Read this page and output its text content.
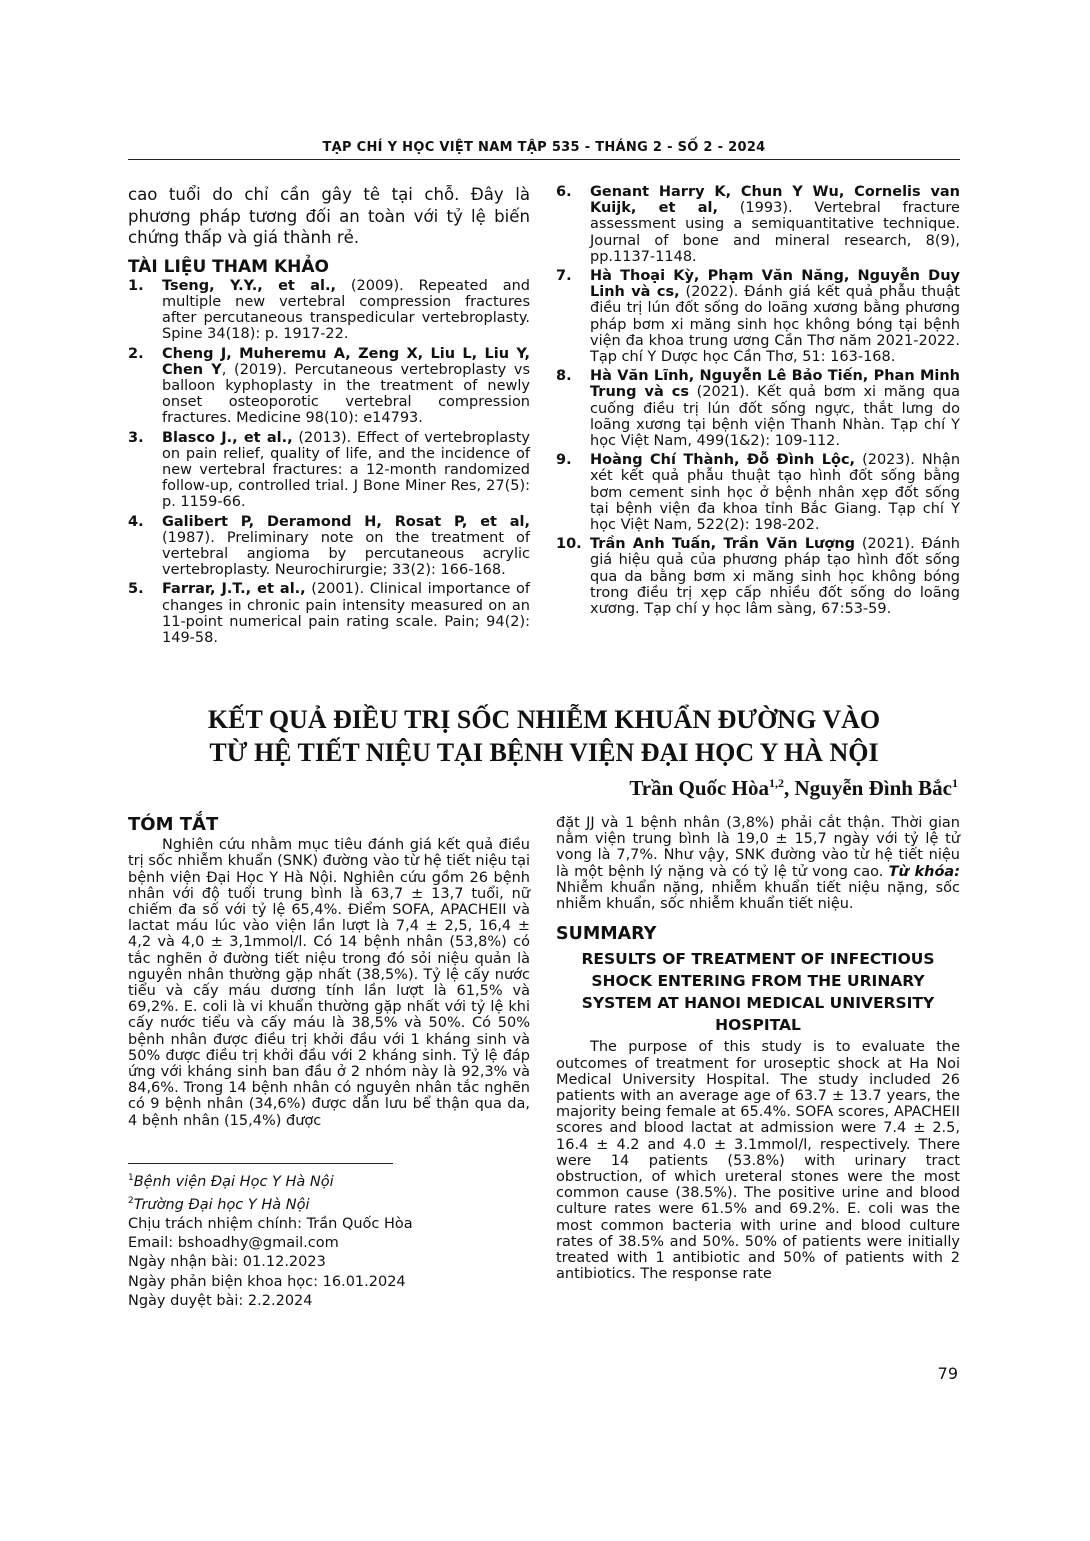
TẠP CHÍ Y HỌC VIỆT NAM TẬP 535 - THÁNG 2 - SỐ 2 - 2024

cao tuổi do chỉ cần gây tê tại chỗ. Đây là phương pháp tương đối an toàn với tỷ lệ biến chứng thấp và giá thành rẻ.

TÀI LIỆU THAM KHẢO
1.	Tseng, Y.Y., et al., (2009). Repeated and multiple new vertebral compression fractures after percutaneous transpedicular vertebroplasty. Spine 34(18): p. 1917-22.
2.	Cheng J, Muheremu A, Zeng X, Liu L, Liu Y, Chen Y, (2019). Percutaneous vertebroplasty vs balloon kyphoplasty in the treatment of newly onset osteoporotic vertebral compression fractures. Medicine 98(10): e14793.
3.	Blasco J., et al., (2013). Effect of vertebroplasty on pain relief, quality of life, and the incidence of new vertebral fractures: a 12-month randomized follow-up, controlled trial. J Bone Miner Res, 27(5): p. 1159-66.
4.	Galibert P, Deramond H, Rosat P, et al, (1987). Preliminary note on the treatment of vertebral angioma by percutaneous acrylic vertebroplasty. Neurochirurgie; 33(2): 166-168.
5.	Farrar, J.T., et al., (2001). Clinical importance of changes in chronic pain intensity measured on an 11-point numerical pain rating scale. Pain; 94(2): 149-58.
6.	Genant Harry K, Chun Y Wu, Cornelis van Kuijk, et al, (1993). Vertebral fracture assessment using a semiquantitative technique. Journal of bone and mineral research, 8(9), pp.1137-1148.
7.	Hà Thoại Kỳ, Phạm Văn Năng, Nguyễn Duy Linh và cs, (2022). Đánh giá kết quả phẫu thuật điều trị lún đốt sống do loãng xương bằng phương pháp bơm xi măng sinh học không bóng tại bệnh viện đa khoa trung ương Cần Thơ năm 2021-2022. Tạp chí Y Dược học Cần Thơ, 51: 163-168.
8.	Hà Văn Lĩnh, Nguyễn Lê Bảo Tiến, Phan Minh Trung và cs (2021). Kết quả bơm xi măng qua cuống điều trị lún đốt sống ngực, thắt lưng do loãng xương tại bệnh viện Thanh Nhàn. Tạp chí Y học Việt Nam, 499(1&2): 109-112.
9.	Hoàng Chí Thành, Đỗ Đình Lộc, (2023). Nhận xét kết quả phẫu thuật tạo hình đốt sống bằng bơm cement sinh học ở bệnh nhân xẹp đốt sống tại bệnh viện đa khoa tỉnh Bắc Giang. Tạp chí Y học Việt Nam, 522(2): 198-202.
10. Trần Anh Tuấn, Trần Văn Lượng (2021). Đánh giá hiệu quả của phương pháp tạo hình đốt sống qua da bằng bơm xi măng sinh học không bóng trong điều trị xẹp cấp nhiều đốt sống do loãng xương. Tạp chí y học lâm sàng, 67:53-59.
KẾT QUẢ ĐIỀU TRỊ SỐC NHIỄM KHUẨN ĐƯỜNG VÀO
TỪ HỆ TIẾT NIỆU TẠI BỆNH VIỆN ĐẠI HỌC Y HÀ NỘI
Trần Quốc Hòa$^{1,2}$, Nguyễn Đình Bắc$^1$
TÓM TẮT

Nghiên cứu nhằm mục tiêu đánh giá kết quả điều trị sốc nhiễm khuẩn (SNK) đường vào từ hệ tiết niệu tại bệnh viện Đại Học Y Hà Nội. Nghiên cứu gồm 26 bệnh nhân với độ tuổi trung bình là 63,7 ± 13,7 tuổi, nữ chiếm đa số với tỷ lệ 65,4%. Điểm SOFA, APACHEII và lactat máu lúc vào viện lần lượt là 7,4 ± 2,5, 16,4 ± 4,2 và 4,0 ± 3,1mmol/l. Có 14 bệnh nhân (53,8%) có tắc nghẽn ở đường tiết niệu trong đó sỏi niệu quản là nguyên nhân thường gặp nhất (38,5%). Tỷ lệ cấy nước tiểu và cấy máu dương tính lần lượt là 61,5% và 69,2%. E. coli là vi khuẩn thường gặp nhất với tỷ lệ khi cấy nước tiểu và cấy máu là 38,5% và 50%. Có 50% bệnh nhân được điều trị khởi đầu với 1 kháng sinh và 50% được điều trị khởi đầu với 2 kháng sinh. Tỷ lệ đáp ứng với kháng sinh ban đầu ở 2 nhóm này là 92,3% và 84,6%. Trong 14 bệnh nhân có nguyên nhân tắc nghẽn có 9 bệnh nhân (34,6%) được dẫn lưu bể thận qua da, 4 bệnh nhân (15,4%) được

$^1$Bệnh viện Đại Học Y Hà Nội

$^2$Trường Đại học Y Hà Nội

Chịu trách nhiệm chính: Trần Quốc Hòa

Email: bshoadhy@gmail.com

Ngày nhận bài: 01.12.2023

Ngày phản biện khoa học: 16.01.2024

Ngày duyệt bài: 2.2.2024

đặt JJ và 1 bệnh nhân (3,8%) phải cắt thận. Thời gian nằm viện trung bình là 19,0 ± 15,7 ngày với tỷ lệ tử vong là 7,7%. Như vậy, SNK đường vào từ hệ tiết niệu là một bệnh lý nặng và có tỷ lệ tử vong cao. Từ khóa: Nhiễm khuẩn nặng, nhiễm khuẩn tiết niệu nặng, sốc nhiễm khuẩn, sốc nhiễm khuẩn tiết niệu.

SUMMARY
RESULTS OF TREATMENT OF INFECTIOUS SHOCK ENTERING FROM THE URINARY SYSTEM AT HANOI MEDICAL UNIVERSITY HOSPITAL

The purpose of this study is to evaluate the outcomes of treatment for uroseptic shock at Ha Noi Medical University Hospital. The study included 26 patients with an average age of 63.7 ± 13.7 years, the majority being female at 65.4%. SOFA scores, APACHEII scores and blood lactat at admission were 7.4 ± 2.5, 16.4 ± 4.2 and 4.0 ± 3.1mmol/l, respectively. There were 14 patients (53.8%) with urinary tract obstruction, of which ureteral stones were the most common cause (38.5%). The positive urine and blood culture rates were 61.5% and 69.2%. E. coli was the most common bacteria with urine and blood culture rates of 38.5% and 50%. 50% of patients were initially treated with 1 antibiotic and 50% of patients with 2 antibiotics. The response rate

79
